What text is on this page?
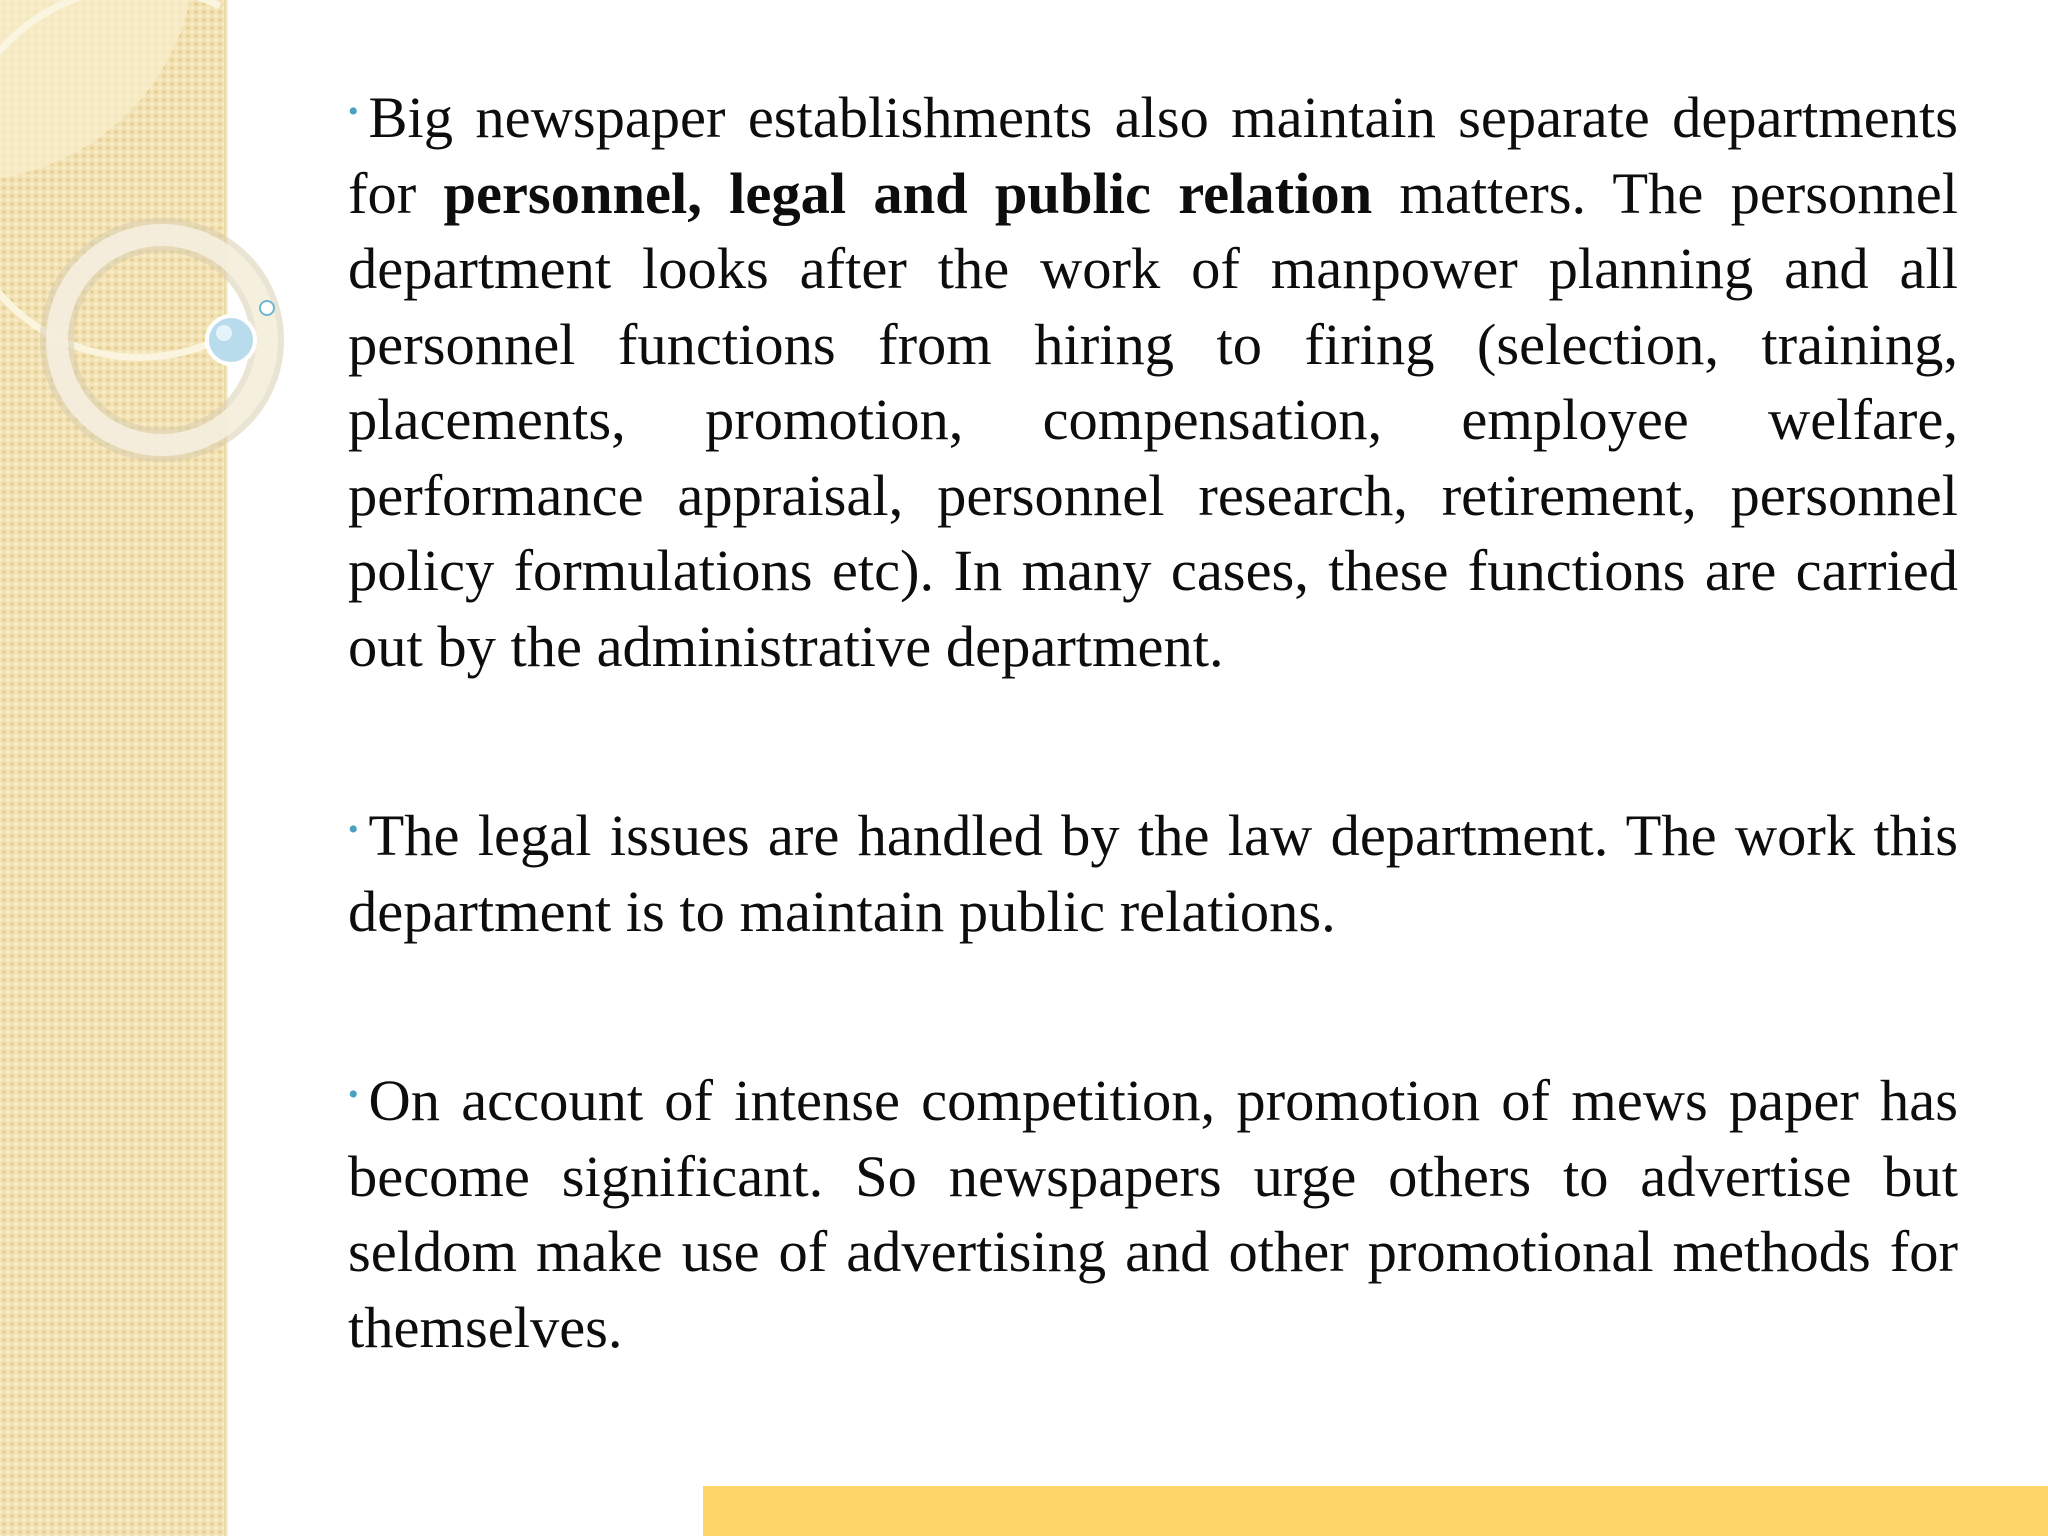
• Big newspaper establishments also maintain separate departments for personnel, legal and public relation matters. The personnel department looks after the work of manpower planning and all personnel functions from hiring to firing (selection, training, placements, promotion, compensation, employee welfare, performance appraisal, personnel research, retirement, personnel policy formulations etc). In many cases, these functions are carried out by the administrative department.

• The legal issues are handled by the law department. The work this department is to maintain public relations.

• On account of intense competition, promotion of mews paper has become significant. So newspapers urge others to advertise but seldom make use of advertising and other promotional methods for themselves.
